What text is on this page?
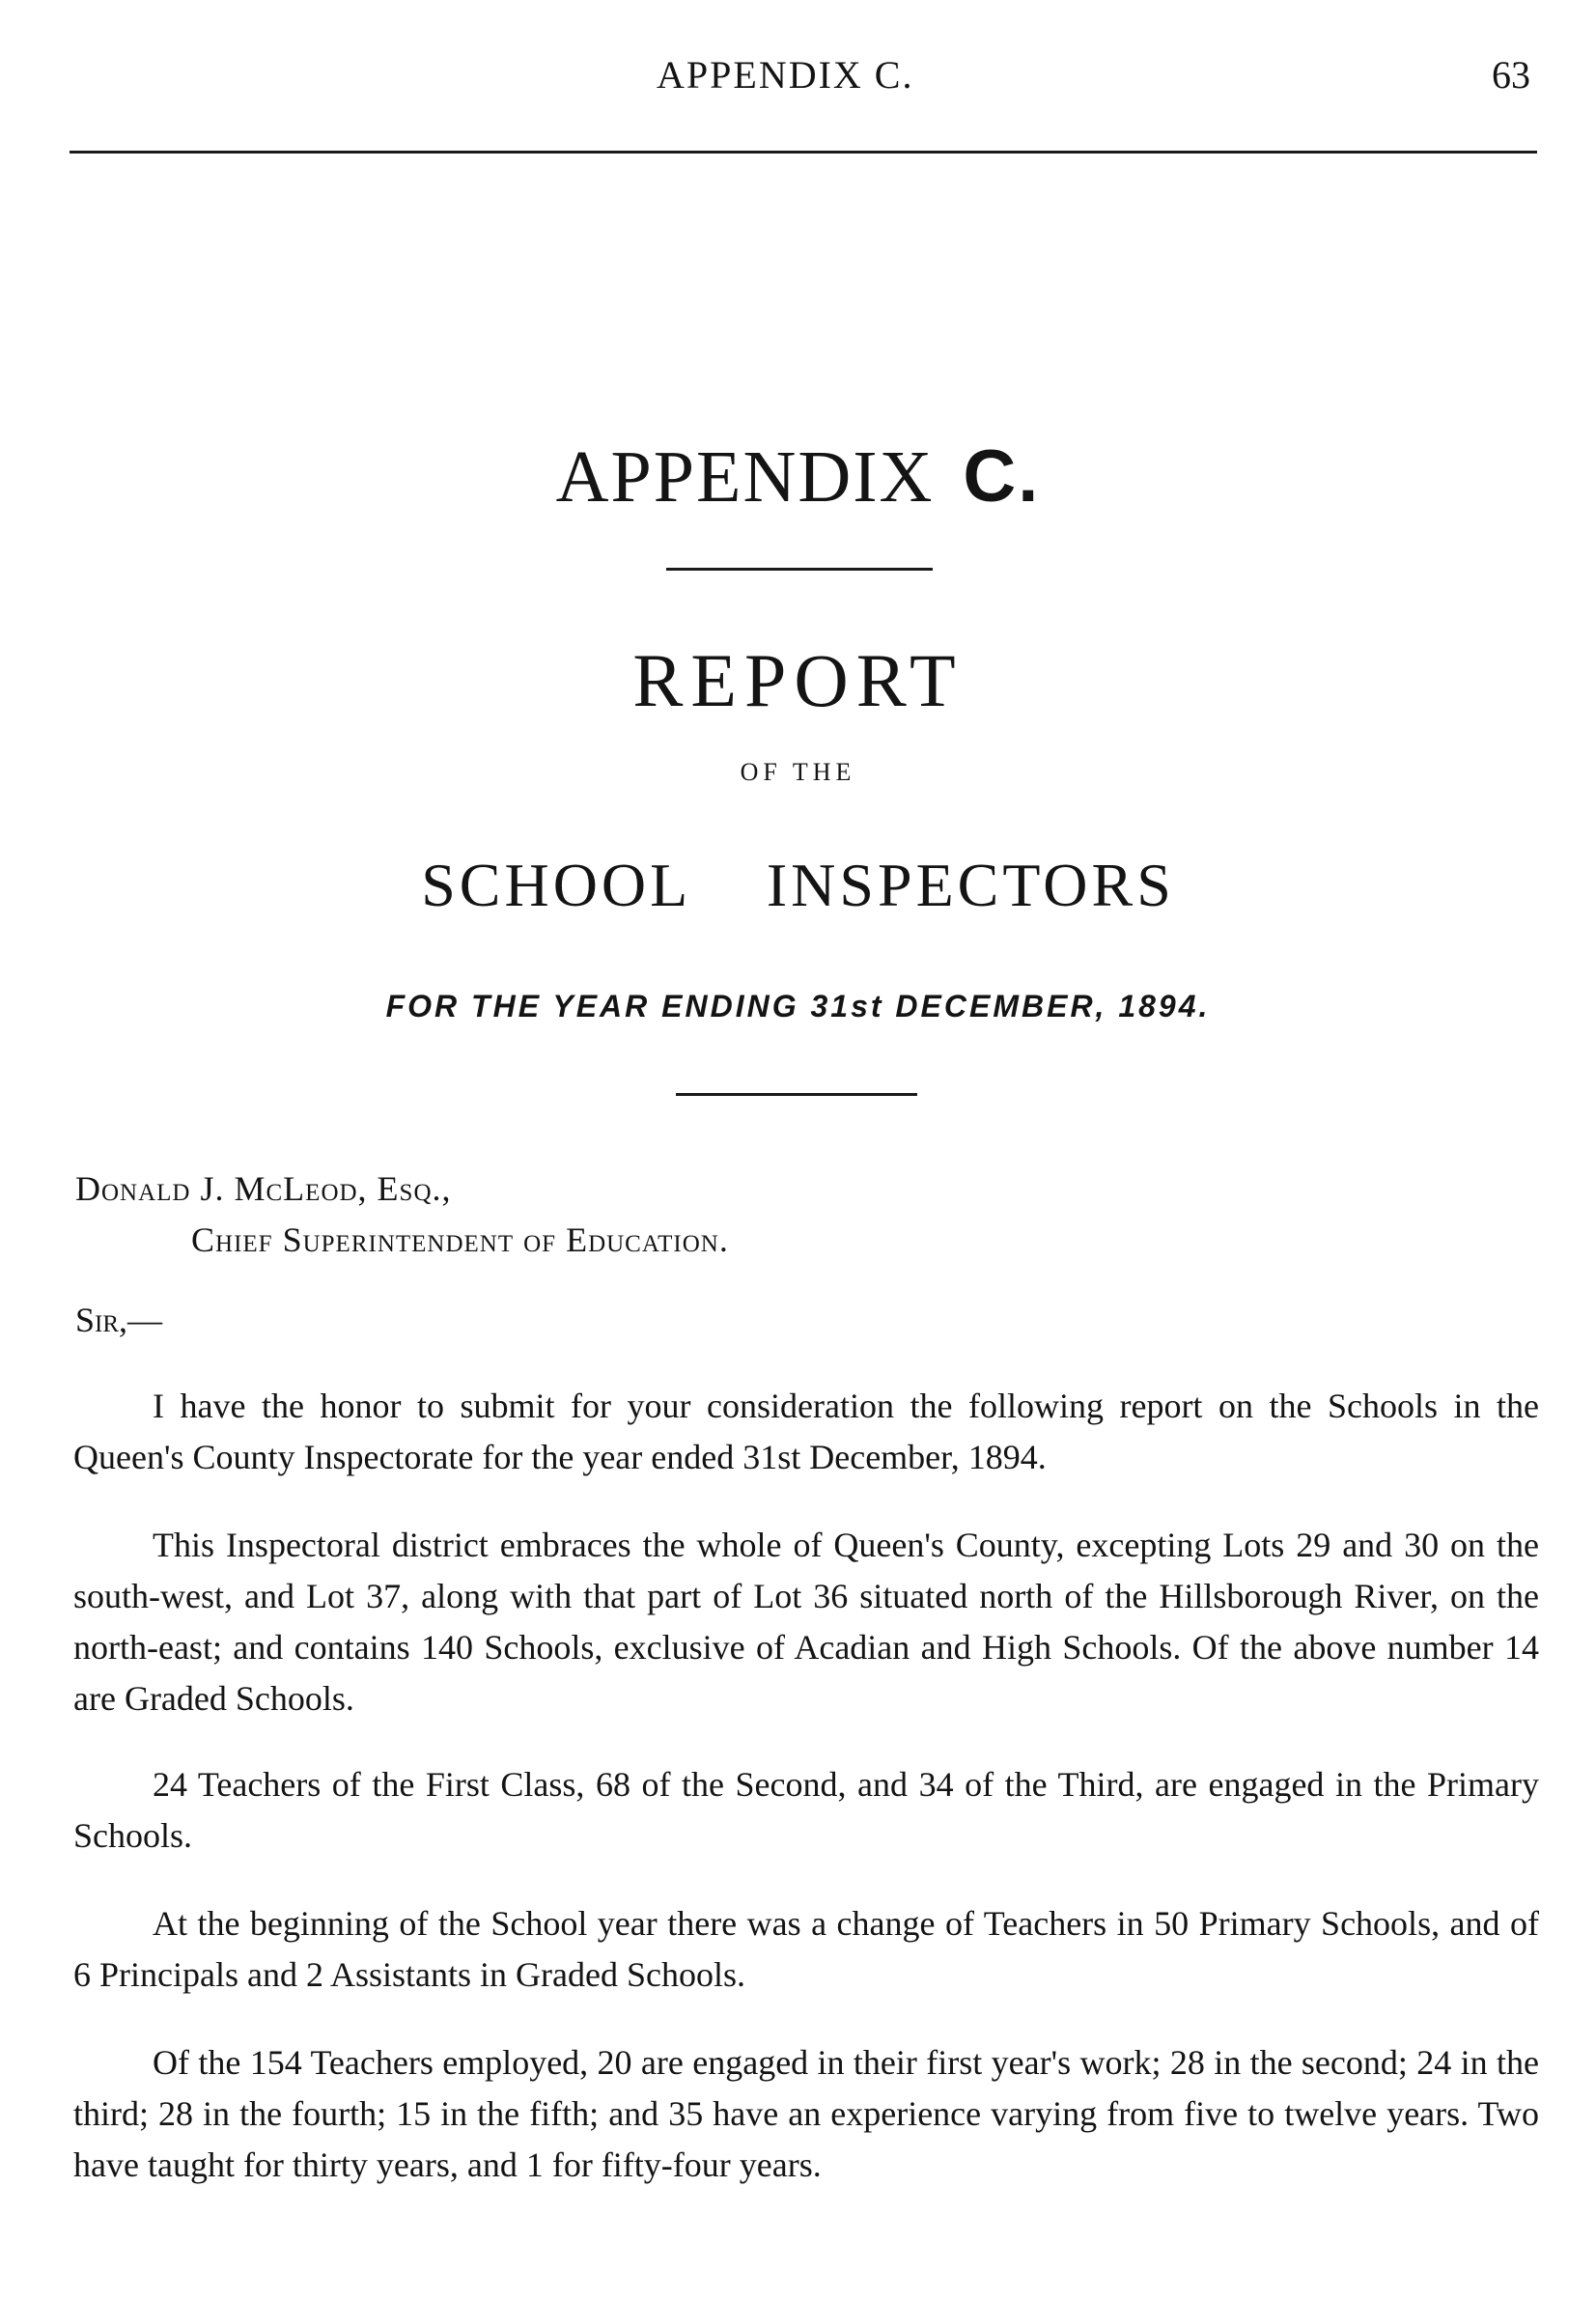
APPENDIX C.	63
APPENDIX C.
REPORT
OF THE
SCHOOL INSPECTORS
FOR THE YEAR ENDING 31st DECEMBER, 1894.
Donald J. McLeod, Esq.,
Chief Superintendent of Education.
Sir,—

I have the honor to submit for your consideration the following report on the Schools in the Queen's County Inspectorate for the year ended 31st December, 1894.

This Inspectoral district embraces the whole of Queen's County, excepting Lots 29 and 30 on the south-west, and Lot 37, along with that part of Lot 36 situated north of the Hillsborough River, on the north-east; and contains 140 Schools, exclusive of Acadian and High Schools. Of the above number 14 are Graded Schools.

24 Teachers of the First Class, 68 of the Second, and 34 of the Third, are engaged in the Primary Schools.

At the beginning of the School year there was a change of Teachers in 50 Primary Schools, and of 6 Principals and 2 Assistants in Graded Schools.

Of the 154 Teachers employed, 20 are engaged in their first year's work; 28 in the second; 24 in the third; 28 in the fourth; 15 in the fifth; and 35 have an experience varying from five to twelve years. Two have taught for thirty years, and 1 for fifty-four years.
